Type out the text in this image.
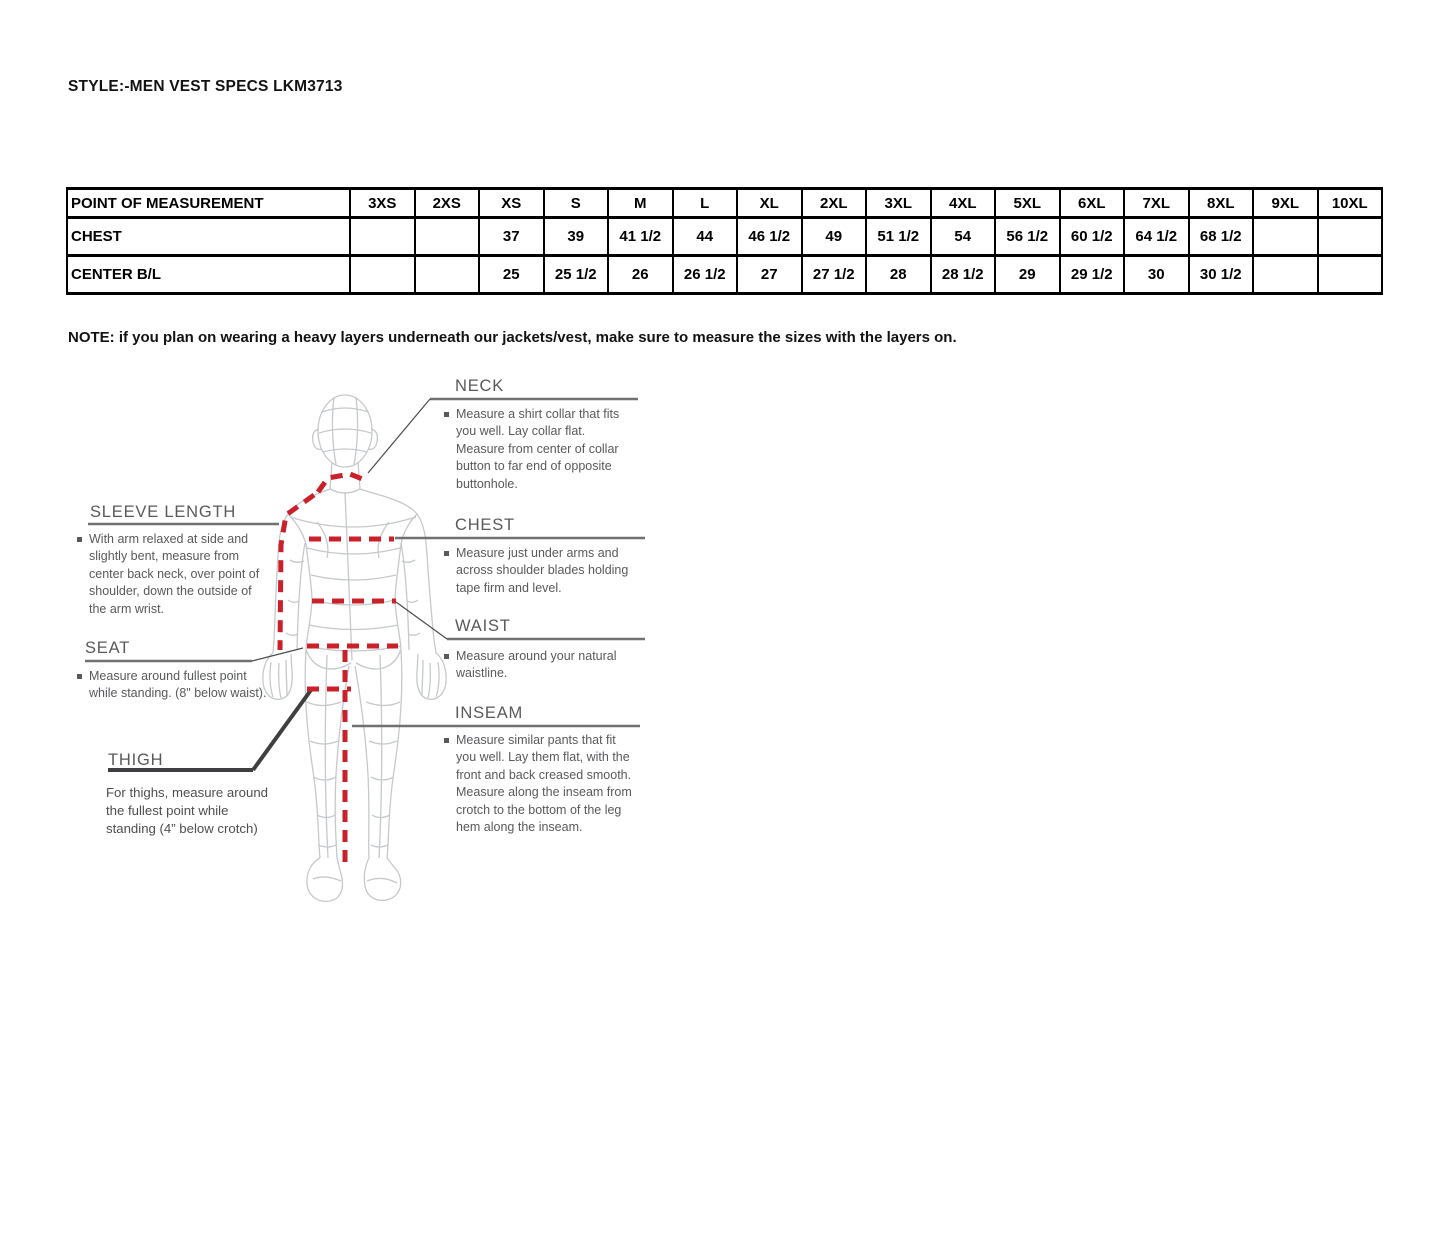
STYLE:-MEN VEST SPECS LKM3713
POINT OF MEASUREMENT	3XS	2XS	XS	S	M	L	XL	2XL	3XL	4XL	5XL	6XL	7XL	8XL	9XL	10XL
CHEST			37	39	41 1/2	44	46 1/2	49	51 1/2	54	56 1/2	60 1/2	64 1/2	68 1/2		
CENTER B/L			25	25 1/2	26	26 1/2	27	27 1/2	28	28 1/2	29	29 1/2	30	30 1/2		
NOTE: if you plan on wearing a heavy layers underneath our jackets/vest, make sure to measure the sizes with the layers on.
NECK
Measure a shirt collar that fits you well. Lay collar flat. Measure from center of collar button to far end of opposite buttonhole.
SLEEVE LENGTH
With arm relaxed at side and slightly bent, measure from center back neck, over point of shoulder, down the outside of the arm wrist.
CHEST
Measure just under arms and across shoulder blades holding tape firm and level.
WAIST
Measure around your natural waistline.
SEAT
Measure around fullest point while standing. (8" below waist).
INSEAM
Measure similar pants that fit you well. Lay them flat, with the front and back creased smooth. Measure along the inseam from crotch to the bottom of the leg hem along the inseam.
THIGH
For thighs, measure around the fullest point while standing (4” below crotch)
